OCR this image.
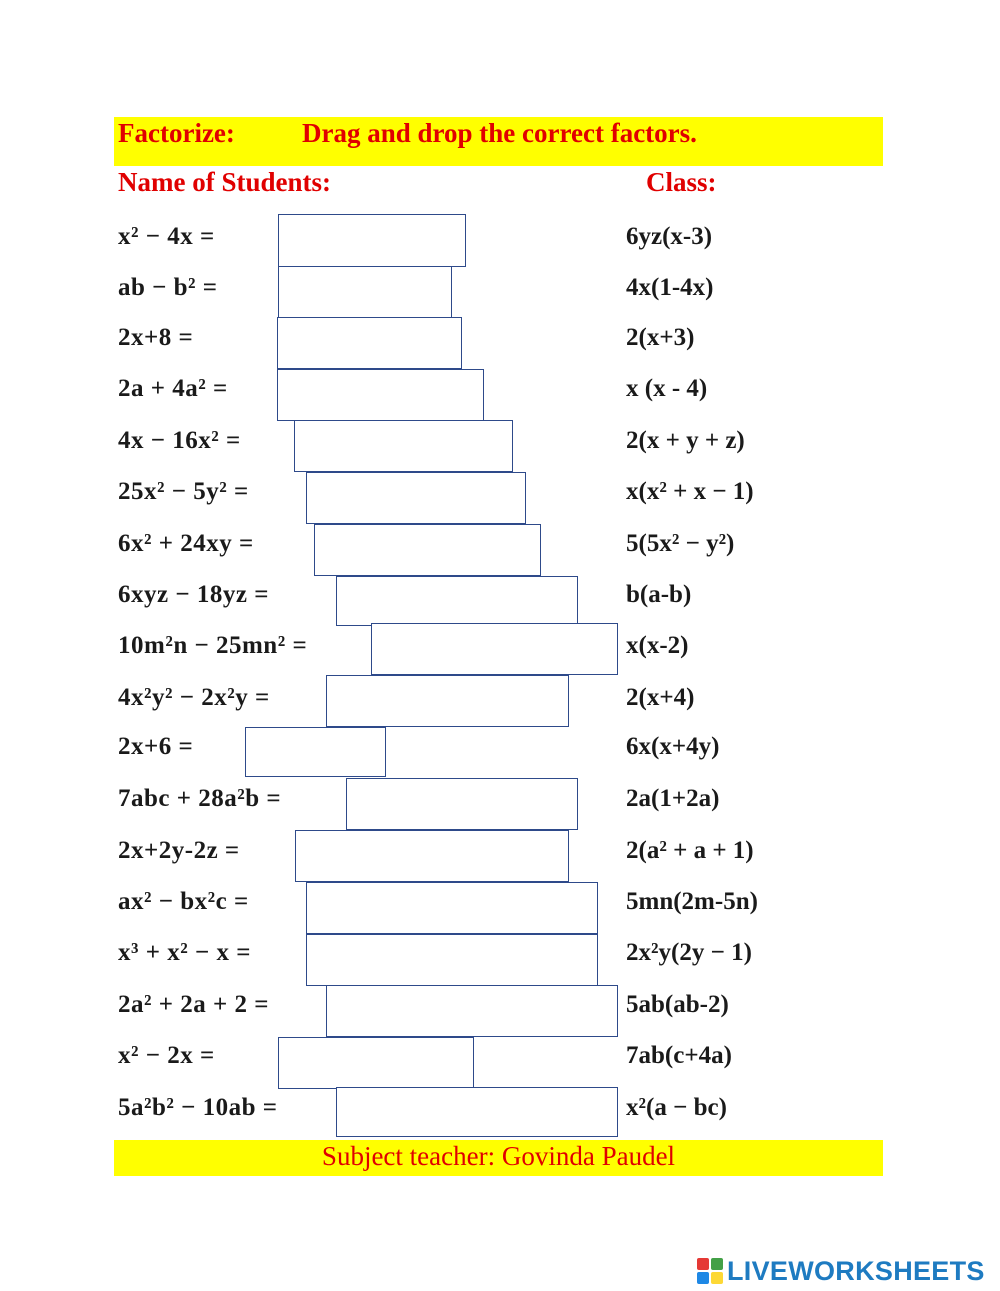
Factorize: Drag and drop the correct factors.
Name of Students:	Class:
x² − 4x =	6yz(x-3)
ab − b² =	4x(1-4x)
2x+8 =	2(x+3)
2a + 4a² =	x (x - 4)
4x − 16x² =	2(x + y + z)
25x² − 5y² =	x(x² + x − 1)
6x² + 24xy =	5(5x² − y²)
6xyz − 18yz =	b(a-b)
10m²n − 25mn² =	x(x-2)
4x²y² − 2x²y =	2(x+4)
2x+6 =	6x(x+4y)
7abc + 28a²b =	2a(1+2a)
2x+2y-2z =	2(a² + a + 1)
ax² − bx²c =	5mn(2m-5n)
x³ + x² − x =	2x²y(2y − 1)
2a² + 2a + 2 =	5ab(ab-2)
x² − 2x =	7ab(c+4a)
5a²b² − 10ab =	x²(a − bc)
Subject teacher: Govinda Paudel
LIVEWORKSHEETS
